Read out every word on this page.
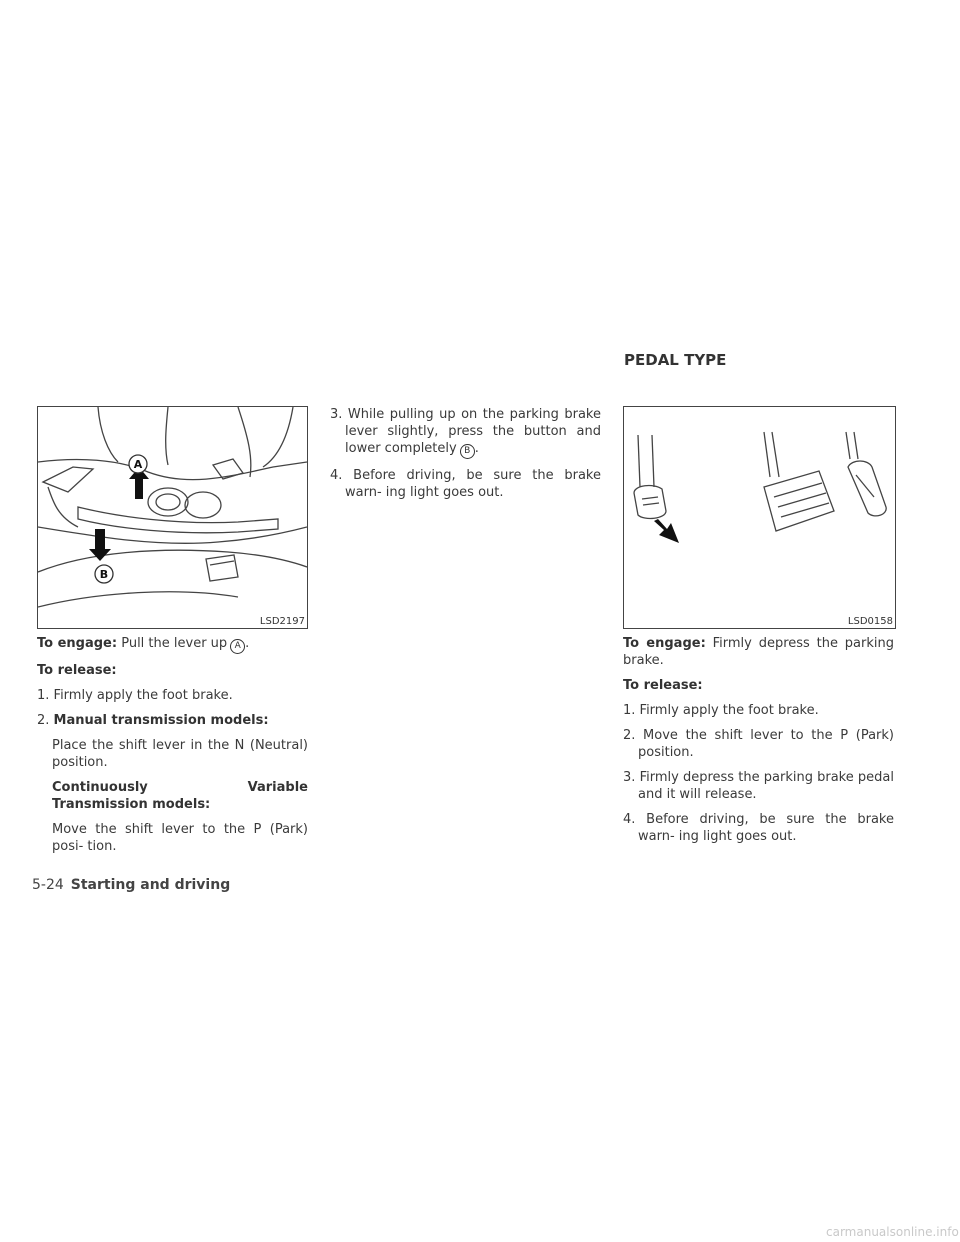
PEDAL TYPE
A
B
LSD2197	LSD0158

To engage: Pull the lever up A .

To release:

1. Firmly apply the foot brake.

2. Manual transmission models:

Place the shift lever in the N (Neutral) position.

Continuously Variable Transmission models:

Move the shift lever to the P (Park) posi- tion.

3. While pulling up on the parking brake lever slightly, press the button and lower completely B .

4. Before driving, be sure the brake warn- ing light goes out.

To engage: Firmly depress the parking brake.

To release:

1. Firmly apply the foot brake.

2. Move the shift lever to the P (Park) position.

3. Firmly depress the parking brake pedal and it will release.

4. Before driving, be sure the brake warn- ing light goes out.

5-24 Starting and driving
carmanualsonline.info
